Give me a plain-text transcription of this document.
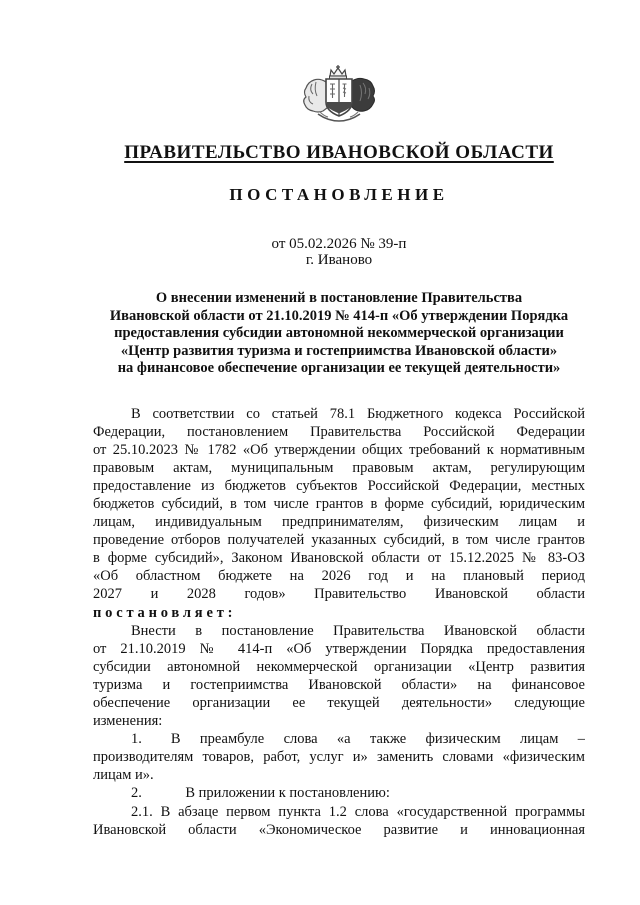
ПРАВИТЕЛЬСТВО ИВАНОВСКОЙ ОБЛАСТИ
ПОСТАНОВЛЕНИЕ
от 05.02.2026 № 39-п
г. Иваново
О внесении изменений в постановление Правительства
Ивановской области от 21.10.2019 № 414-п «Об утверждении Порядка
предоставления субсидии автономной некоммерческой организации
«Центр развития туризма и гостеприимства Ивановской области»
на финансовое обеспечение организации ее текущей деятельности»
В соответствии со статьей 78.1 Бюджетного кодекса Российской
Федерации, постановлением Правительства Российской Федерации
от 25.10.2023 № 1782 «Об утверждении общих требований к нормативным
правовым актам, муниципальным правовым актам, регулирующим
предоставление из бюджетов субъектов Российской Федерации, местных
бюджетов субсидий, в том числе грантов в форме субсидий, юридическим
лицам, индивидуальным предпринимателям, физическим лицам и
проведение отборов получателей указанных субсидий, в том числе грантов
в форме субсидий», Законом Ивановской области от 15.12.2025 № 83-ОЗ
«Об областном бюджете на 2026 год и на плановый период
2027 и 2028 годов» Правительство Ивановской области
постановляет:
Внести в постановление Правительства Ивановской области
от 21.10.2019 № 414-п «Об утверждении Порядка предоставления
субсидии автономной некоммерческой организации «Центр развития
туризма и гостеприимства Ивановской области» на финансовое
обеспечение организации ее текущей деятельности» следующие
изменения:
1.  В преамбуле слова «а также физическим лицам –
производителям товаров, работ, услуг и» заменить словами «физическим
лицам и».
2.   В приложении к постановлению:
2.1. В абзаце первом пункта 1.2 слова «государственной программы
Ивановской области «Экономическое развитие и инновационная
